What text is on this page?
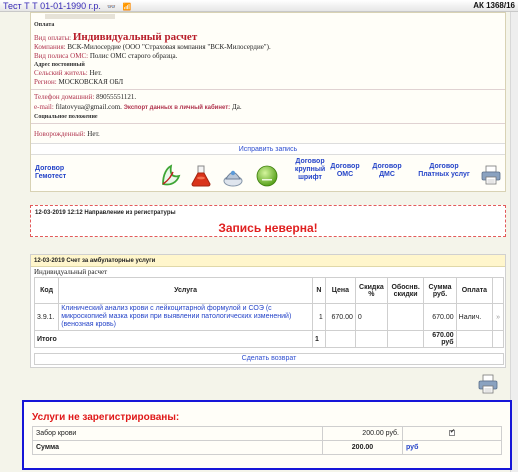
Тест Т Т 01-01-1990 г.р. 👓 📶	АК 1368/16
Оплата
Вид оплаты: Индивидуальный расчет
Компания: ВСК-Милосердие (ООО "Страховая компания "ВСК-Милосердие").
Вид полиса ОМС: Полис ОМС старого образца.
Адрес постоянный
Сельский житель: Нет.
Регион: МОСКОВСКАЯ ОБЛ
Телефон домашний: 89055551121.
e-mail: filatovyua@gmail.com. Экспорт данных в личный кабинет: Да.
Социальное положение
Новорожденный: Нет.
Исправить запись
Договор
Гемотест
Договор
крупный
шрифт
Договор
ОМС
Договор
ДМС
Договор
Платных услуг
12-03-2019 12:12 Направление из регистратуры
Запись неверна!
12-03-2019 Счет за амбулаторные услуги
Индивидуальный расчет
Код	Услуга	N	Цена	Скидка %	Обоснв. скидки	Сумма руб.	Оплата	
3.9.1.	Клинический анализ крови с лейкоцитарной формулой и СОЭ (с микроскопией мазка крови при выявлении патологических изменений) (венозная кровь)	1	670.00	0		670.00	Налич.	»
Итого		1				670.00 руб		
Сделать возврат
Услуги не зарегистрированы:
Забор крови	200.00 руб.	✔

Сумма	200.00	руб
